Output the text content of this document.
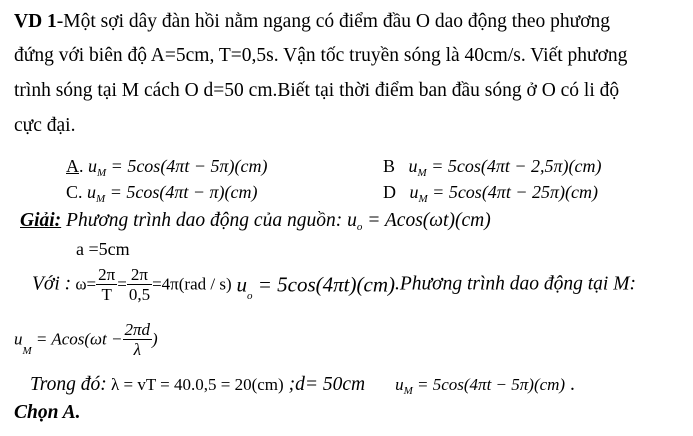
VD 1-Một sợi dây đàn hồi nằm ngang có điểm đầu O dao động theo phương
đứng với biên độ A=5cm, T=0,5s. Vận tốc truyền sóng là 40cm/s. Viết phương
trình sóng tại M cách O d=50 cm.Biết tại thời điểm ban đầu sóng ở O có li độ
cực đại.
A. $u_M = 5\cos(4\pi t - 5\pi)(cm)$	B $u_M = 5\cos(4\pi t - 2,5\pi)(cm)$
C. $u_M = 5\cos(4\pi t - \pi)(cm)$	D $u_M = 5\cos(4\pi t - 25\pi)(cm)$
Giải: Phương trình dao động của nguồn: $u_o = Acos(\omega t)(cm)$
a =5cm
Với : $\omega= \frac{2\pi}{T} = \frac{2\pi}{0,5} =4\pi(rad / s) u_o$ = 5cos(4πt)(cm).Phương trình dao động tại M:
$u_M = Acos(\omega t - \frac{2\pi d}{\lambda}$ )
Trong đó: λ = vT = 40.0,5 = 20(cm) ;d= 50cm $u_M = 5\cos(4\pi t - 5\pi)(cm)$ .
Chọn A.
